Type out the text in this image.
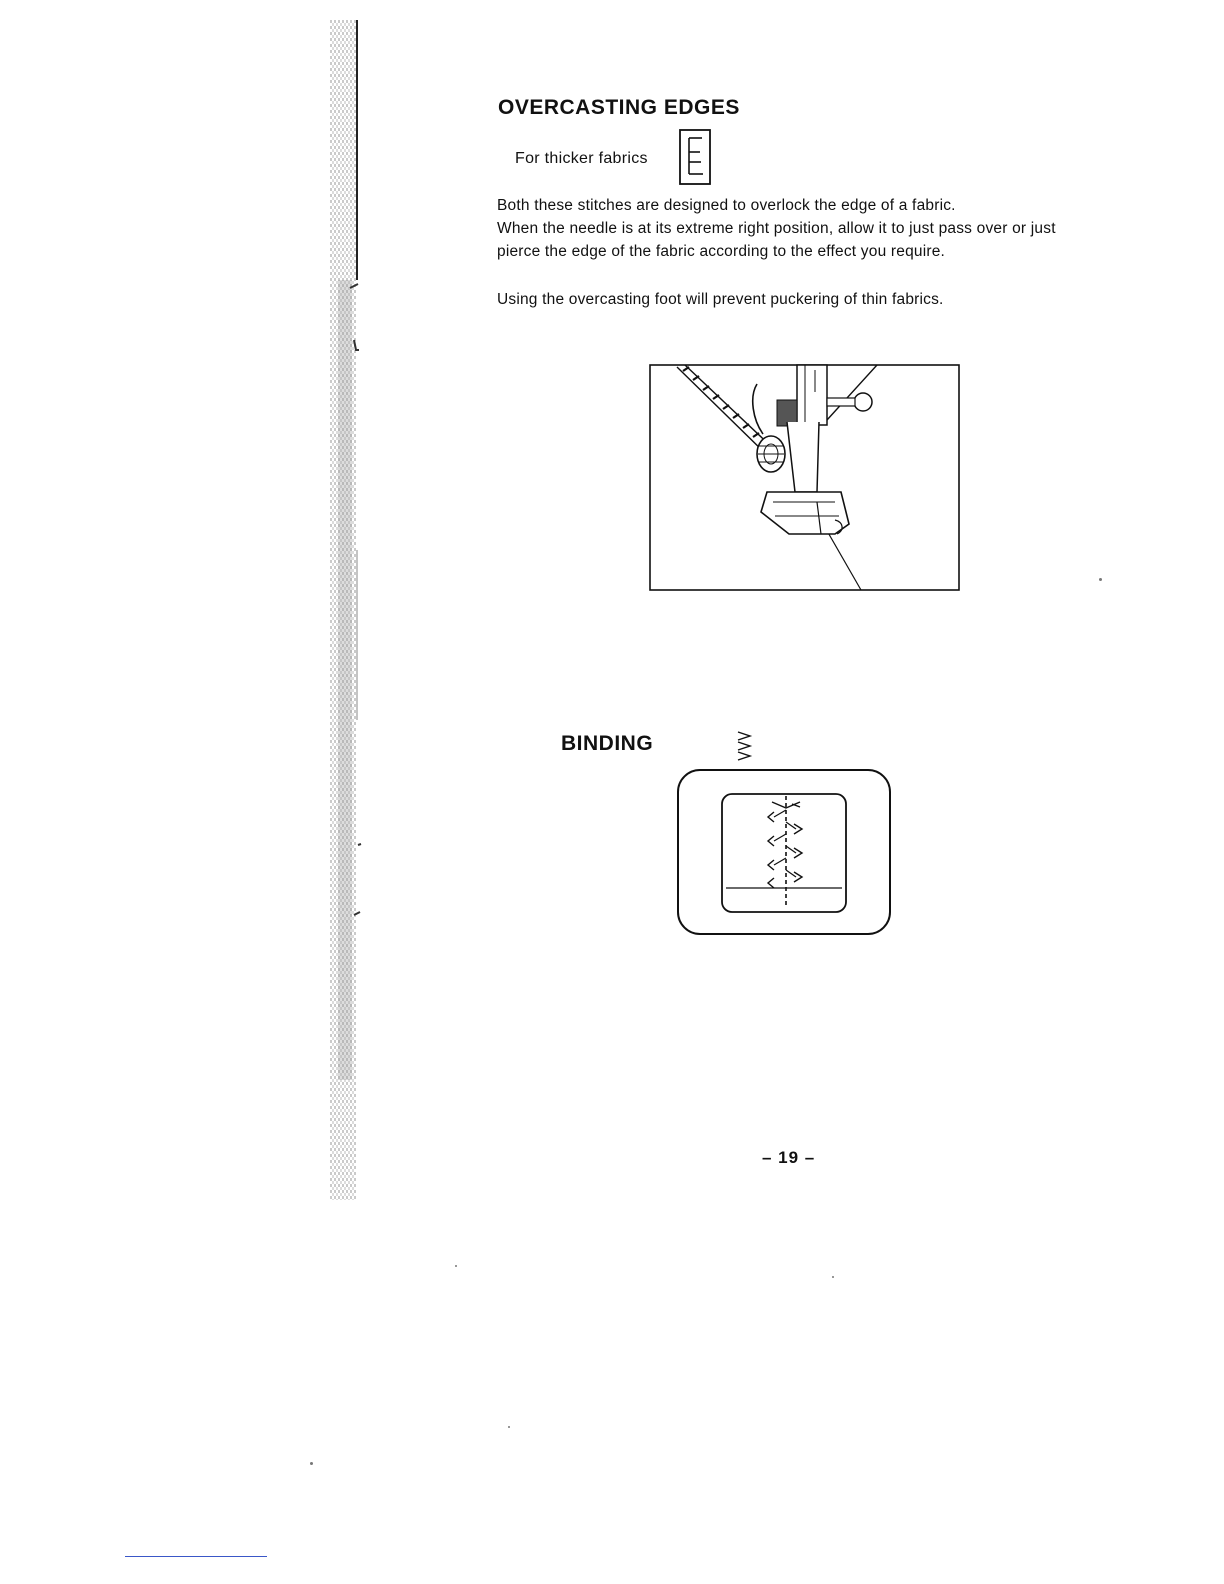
OVERCASTING EDGES
For thicker fabrics
Both these stitches are designed to overlock the edge of a fabric.
When the needle is at its extreme right position, allow it to just pass over or just
pierce the edge of the fabric according to the effect you require.
Using the overcasting foot will prevent puckering of thin fabrics.
BINDING
– 19 –
